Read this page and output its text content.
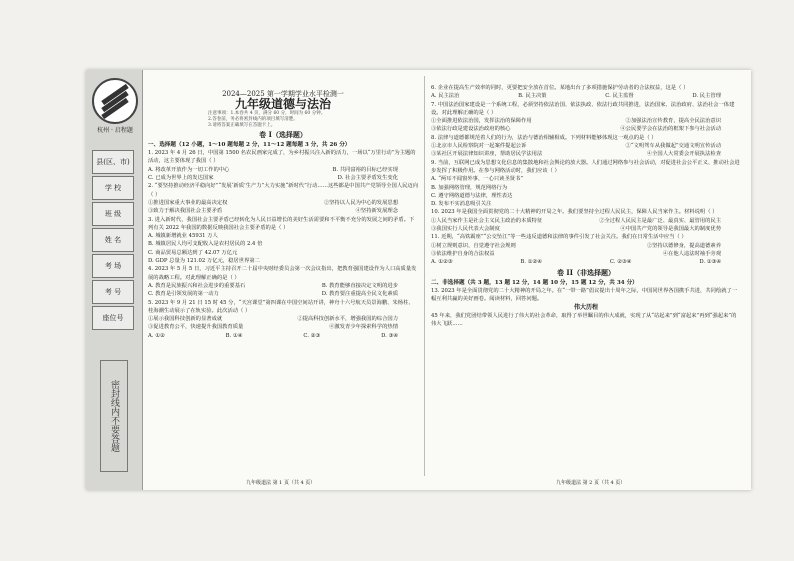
杭州 · 启程题
县(区、市)
学 校
班 级
姓 名
考 场
考 号
座位号
密封线内不要答题
2024—2025 第一学期学业水平检测一
九年级道德与法治
注意事项：1.本卷共 4 页，满分 60 分，时间为 60 分钟。
2.答卷前，务必将密封线内的项目填写清楚。
3.请将答案正确填写在答题卡上。
卷 I（选择题）
一、选择题（12 小题，1～10 题每题 2 分，11～12 题每题 3 分，共 26 分）

1. 2023 年 4 月 26 日，中国第 1500 名农民画家完成了，为乡村振兴注入新的活力，一场以“万里行动”为主题的活动，这主要体现了我国（ ）

A. 将改革开放作为一切工作的中心	B. 共同富裕的目标已经实现
C. 已成为世界上的发达国家	D. 社会主要矛盾发生变化

2. “要坚持推动经济平稳向好”“发展‘新质’生产力”大力实施“新时代”行动……这些都是中国共产党领导全国人民迈向（ ）

①推进国家重大事业的最高决定权	②坚持以人民为中心的发展思想
③致力于解决我国社会主要矛盾	④坚持新发展理念

3. 进入新时代，我国社会主要矛盾已经转化为人民日益增长的美好生活需要和不平衡不充分的发展之间的矛盾。下列有关 2022 年我国的数据反映我国社会主要矛盾的是（ ）

A. 城镇新增就业 45931 万人
B. 城镇居民人均可支配收入是农村居民的 2.4 倍
C. 商品贸易总额达到了 42.07 万亿元
D. GDP 总量为 121.02 万亿元，稳居世界第二

4. 2023 年 5 月 5 日，习近平主持召开二十届中央财经委员会第一次会议指出，把教育强国建设作为人口高质量发展的战略工程。对此理解正确的是（ ）

A. 教育是民族振兴和社会进步的重要基石	B. 教育能够直接决定文明的进步
C. 教育是引领发展的第一动力	D. 教育要注重提高全民文化素质

5. 2023 年 9 月 21 日 15 时 45 分，“天宫课堂”第四课在中国空间站开讲，神舟十六号航天员景海鹏、朱杨柱、桂海潮生动展示了在轨实验。此次活动（ ）

①展示我国科技创新的显著成就	②提高科技创新水平，增强我国的综合国力
③促进教育公平，快速提升我国教育质量	④激发青少年探索科学的热情
A. ①②	B. ①④	C. ②③	D. ③④
九年级道法 第 1 页（共 4 页）

6. 企业在提高生产效率的同时，更要把安全放在首位。某地出台了多项措施保护劳动者的合法权益，这是（ ）

A. 民主法治	B. 民主决策	C. 民主监督	D. 民主管理

7. 中国法治国家建设是一个系统工程，必须坚持依法治国、依法执政、依法行政共同推进，法治国家、法治政府、法治社会一体建设。对此理解正确的是（ ）

①全面推进依法治国，发挥法治的保障作用	②加强法治宣传教育，提高全民法治意识
③依法行政是建设法治政府的核心	④公民要学会在法治的框架下参与社会活动

8. 法律与道德都规范着人们的行为，法治与德治相辅相成。下列材料能够体现这一观点的是（ ）

①北京市人民检察院对一起案件提起公诉	②“文明驾车从我做起”交通文明宣传活动
③某社区开展法律知识讲座，帮助居民学法用法	④全国人大常委会开展执法检查

9. 当前，互联网已成为思想文化信息的集散地和社会舆论的放大器。人们通过网络参与社会活动，对促进社会公平正义、推动社会进步发挥了积极作用。在参与网络活动时，我们应该（ ）

A. “两耳不闻窗外事，一心只读圣贤书”
B. 加强网络管理，规范网络行为
C. 遵守网络道德与法律，理性表达
D. 发布不实消息吸引关注

10. 2023 年是我国全面贯彻党的二十大精神的开局之年。我们要坚持全过程人民民主，保障人民当家作主。材料说明（ ）

①人民当家作主是社会主义民主政治的本质特征	②全过程人民民主是最广泛、最真实、最管用的民主
③我国实行人民代表大会制度	④中国共产党的领导是我国最大的制度优势

11. 近期，“高铁霸座”“公交坠江”等一些违反道德和法律的事件引发了社会关注。我们在日常生活中应当（ ）

①树立规则意识，自觉遵守社会规则	②坚持以德修身，提高道德素养
③依法维护自身的合法权益	④在他人违法时袖手旁观
A. ①②③	B. ①②④	C. ②③④	D. ①③④
卷 II（非选择题）
二、非选择题（共 3 题，13 题 12 分，14 题 10 分，15 题 12 分，共 34 分）

13. 2023 年是全面贯彻党的二十大精神的开局之年。在“一带一路”倡议提出十周年之际，中国同世界各国携手共进，共同绘就了一幅互利共赢的美好画卷。阅读材料，回答问题。

伟大历程

45 年来，我们党团结带领人民进行了伟大的社会革命，取得了举世瞩目的伟大成就，实现了从“站起来”到“富起来”再到“强起来”的伟大飞跃……

九年级道法 第 2 页（共 4 页）
